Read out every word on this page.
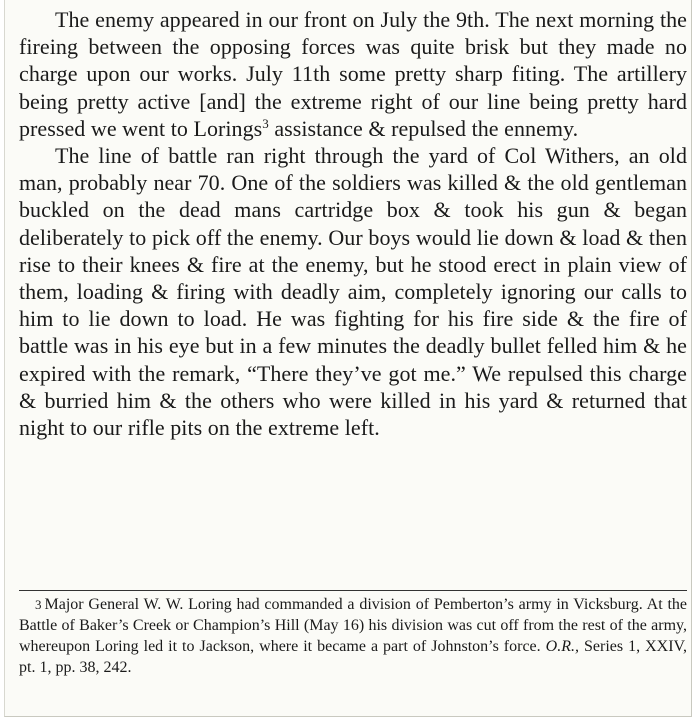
The enemy appeared in our front on July the 9th. The next morning the fireing between the opposing forces was quite brisk but they made no charge upon our works. July 11th some pretty sharp fiting. The artillery being pretty active [and] the extreme right of our line being pretty hard pressed we went to Lorings$^3$ assistance & repulsed the ennemy.

The line of battle ran right through the yard of Col Withers, an old man, probably near 70. One of the soldiers was killed & the old gentleman buckled on the dead mans cartridge box & took his gun & began deliberately to pick off the enemy. Our boys would lie down & load & then rise to their knees & fire at the enemy, but he stood erect in plain view of them, loading & firing with deadly aim, completely ignoring our calls to him to lie down to load. He was fighting for his fire side & the fire of battle was in his eye but in a few minutes the deadly bullet felled him & he expired with the remark, “There they’ve got me.” We repulsed this charge & burried him & the others who were killed in his yard & returned that night to our rifle pits on the extreme left.

3 Major General W. W. Loring had commanded a division of Pemberton’s army in Vicksburg. At the Battle of Baker’s Creek or Champion’s Hill (May 16) his division was cut off from the rest of the army, whereupon Loring led it to Jackson, where it became a part of Johnston’s force. O.R., Series 1, XXIV, pt. 1, pp. 38, 242.
